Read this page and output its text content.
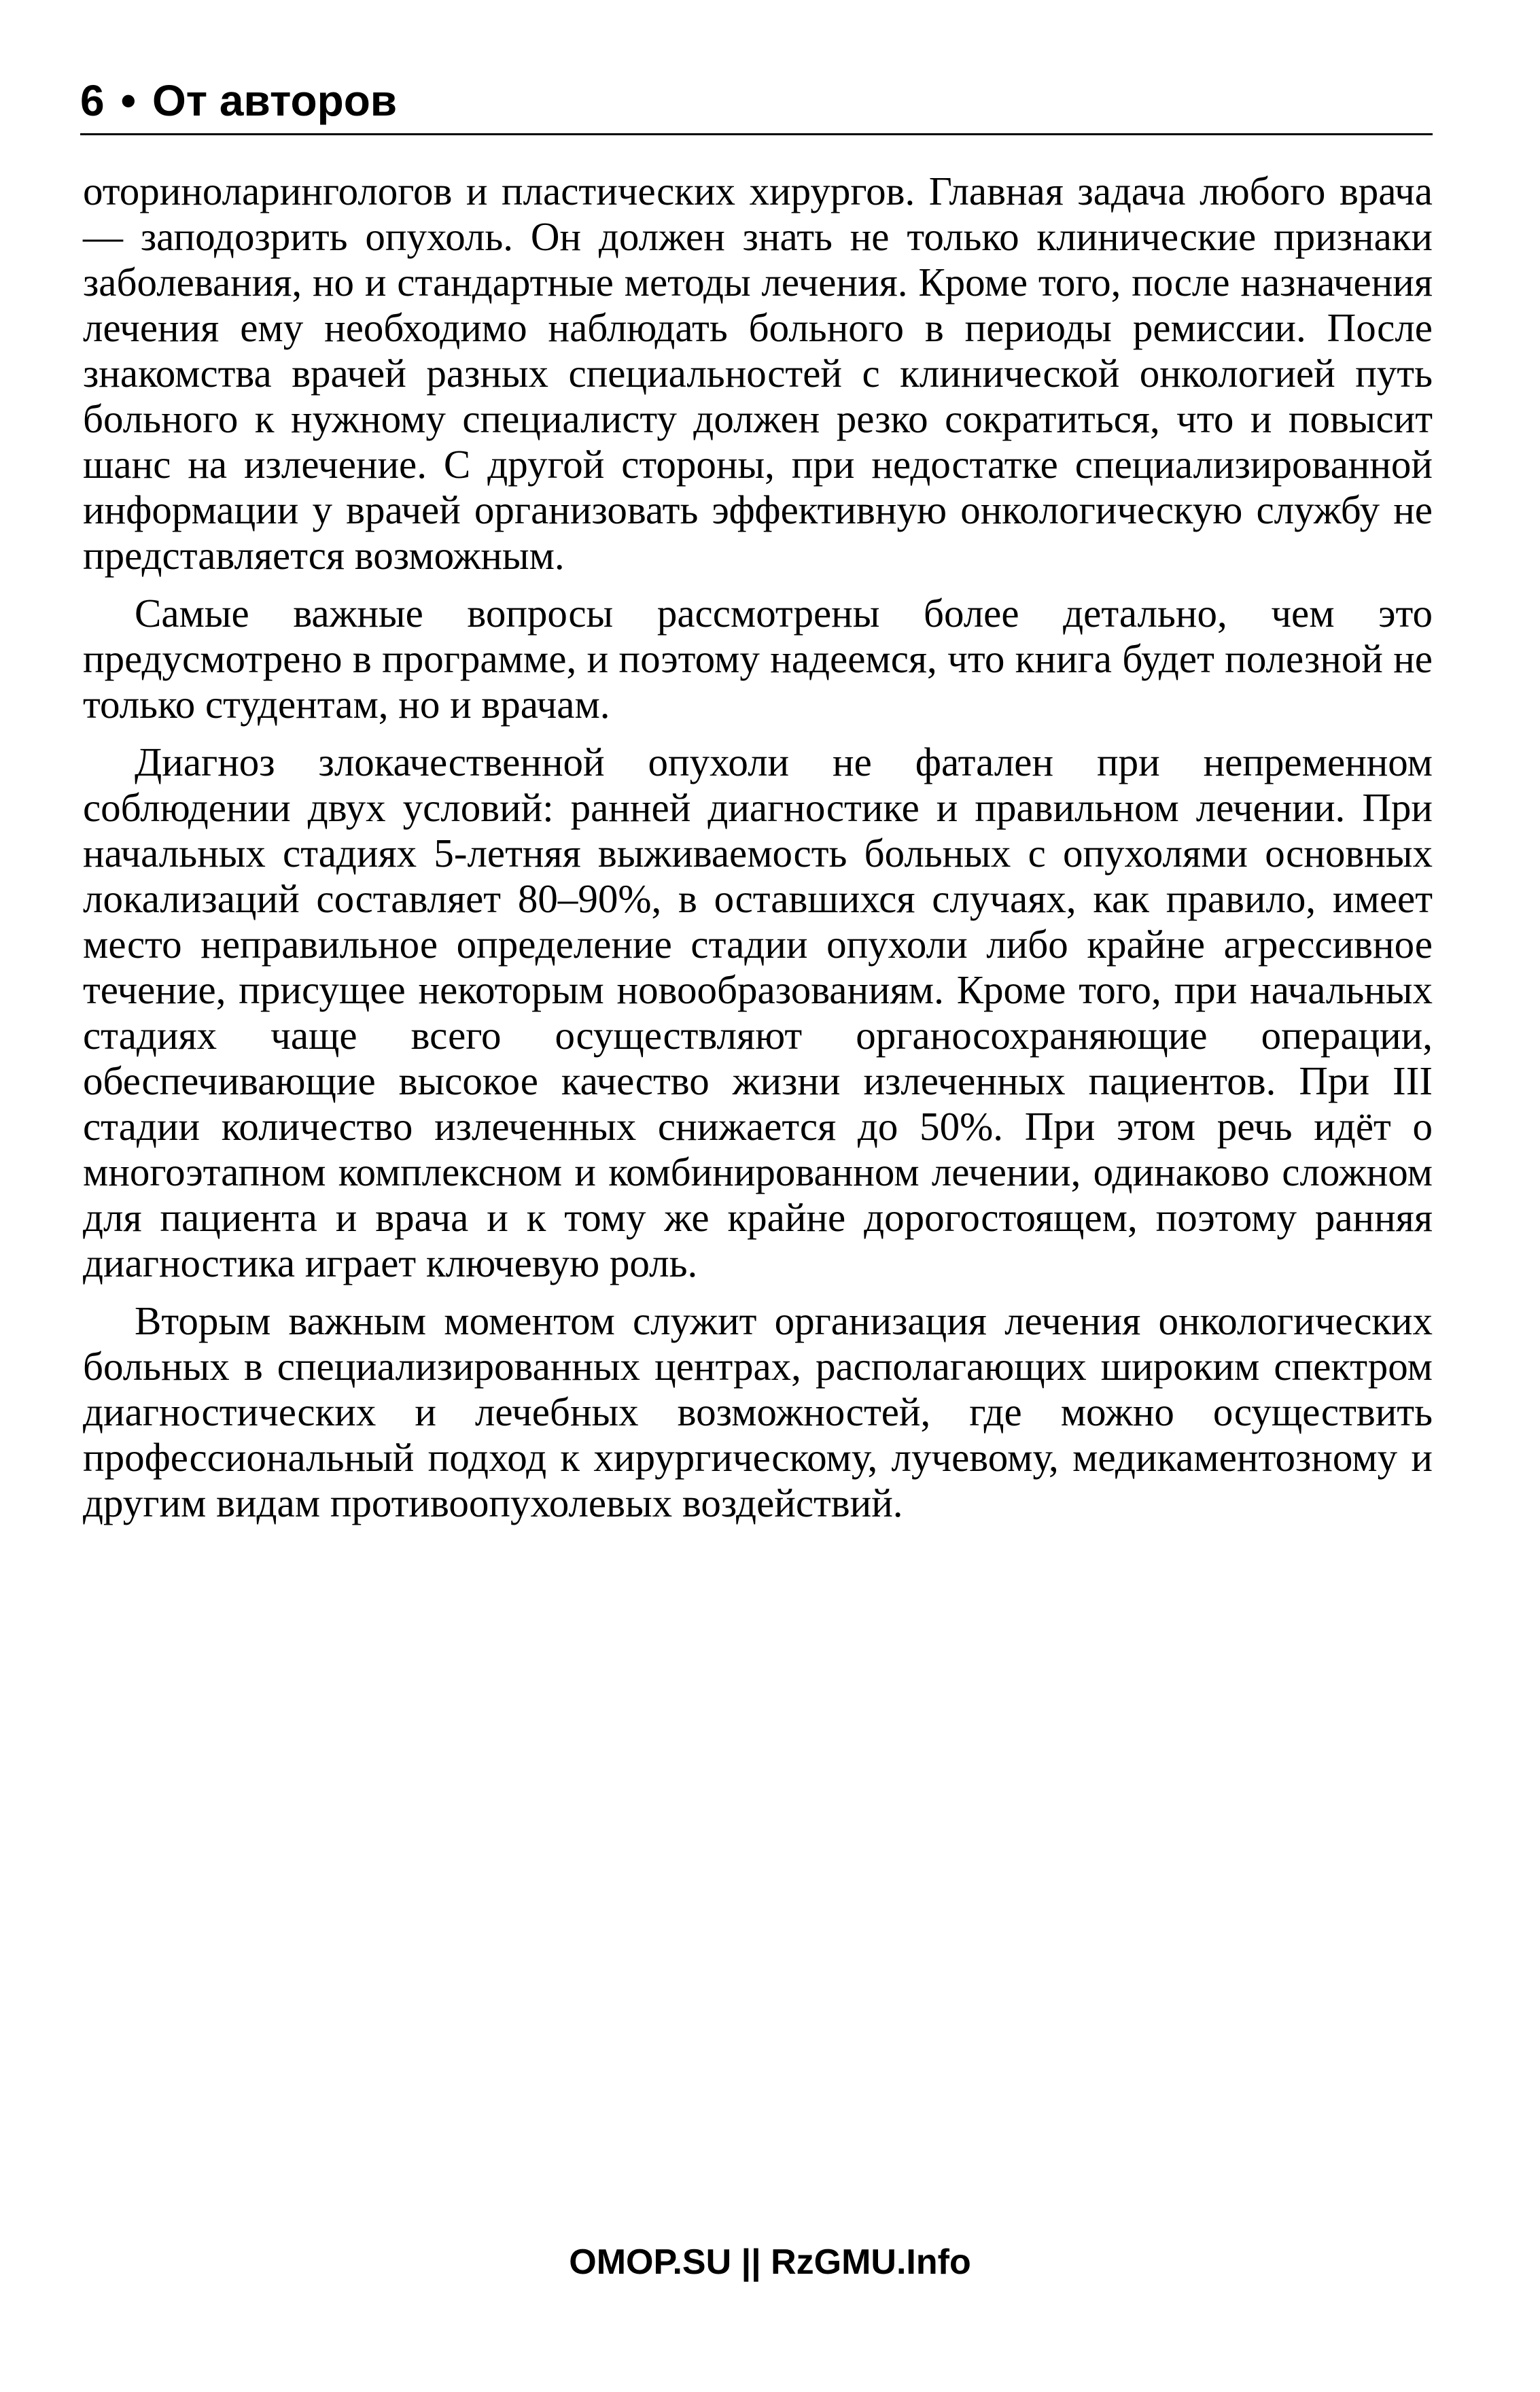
6 • От авторов

оториноларингологов и пластических хирургов. Главная задача любого врача — заподозрить опухоль. Он должен знать не только клинические признаки заболевания, но и стандартные методы лечения. Кроме того, после назначения лечения ему необходимо наблюдать больного в периоды ремиссии. После знакомства врачей разных специальностей с клинической онкологией путь больного к нужному специалисту должен резко сократиться, что и повысит шанс на излечение. С другой стороны, при недостатке специализированной информации у врачей организовать эффективную онкологическую службу не представляется возможным.

Самые важные вопросы рассмотрены более детально, чем это предусмотрено в программе, и поэтому надеемся, что книга будет полезной не только студентам, но и врачам.

Диагноз злокачественной опухоли не фатален при непременном соблюдении двух условий: ранней диагностике и правильном лечении. При начальных стадиях 5-летняя выживаемость больных с опухолями основных локализаций составляет 80–90%, в оставшихся случаях, как правило, имеет место неправильное определение стадии опухоли либо крайне агрессивное течение, присущее некоторым новообразованиям. Кроме того, при начальных стадиях чаще всего осуществляют органосохраняющие операции, обеспечивающие высокое качество жизни излеченных пациентов. При III стадии количество излеченных снижается до 50%. При этом речь идёт о многоэтапном комплексном и комбинированном лечении, одинаково сложном для пациента и врача и к тому же крайне дорогостоящем, поэтому ранняя диагностика играет ключевую роль.

Вторым важным моментом служит организация лечения онкологических больных в специализированных центрах, располагающих широким спектром диагностических и лечебных возможностей, где можно осуществить профессиональный подход к хирургическому, лучевому, медикаментозному и другим видам противоопухолевых воздействий.

OMOP.SU || RzGMU.Info
